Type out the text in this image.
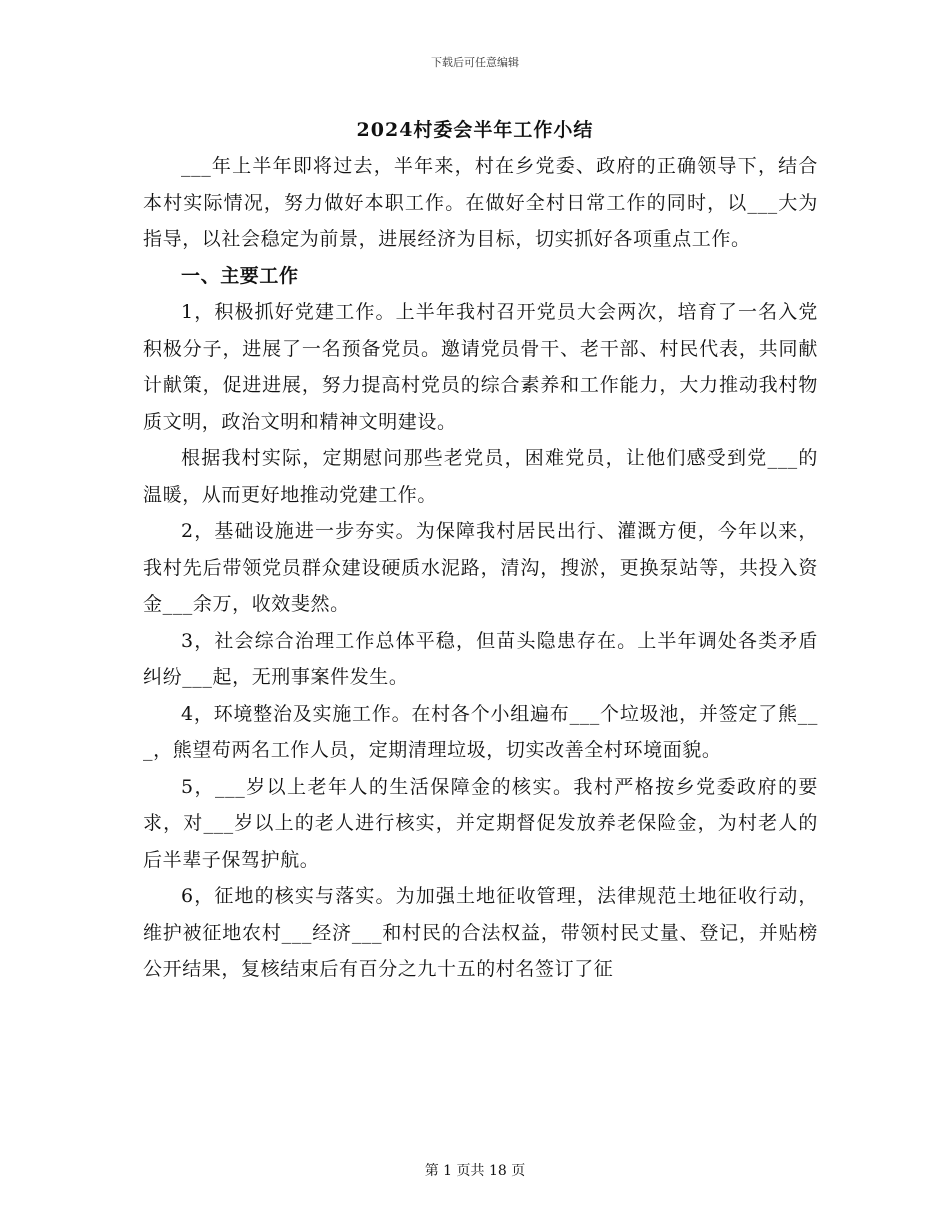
下载后可任意编辑
2024村委会半年工作小结

___年上半年即将过去，半年来，村在乡党委、政府的正确领导下，结合本村实际情况，努力做好本职工作。在做好全村日常工作的同时，以___大为指导，以社会稳定为前景，进展经济为目标，切实抓好各项重点工作。

一、主要工作

1，积极抓好党建工作。上半年我村召开党员大会两次，培育了一名入党积极分子，进展了一名预备党员。邀请党员骨干、老干部、村民代表，共同献计献策，促进进展，努力提高村党员的综合素养和工作能力，大力推动我村物质文明，政治文明和精神文明建设。

根据我村实际，定期慰问那些老党员，困难党员，让他们感受到党___的温暖，从而更好地推动党建工作。

2，基础设施进一步夯实。为保障我村居民出行、灌溉方便，今年以来，我村先后带领党员群众建设硬质水泥路，清沟，搜淤，更换泵站等，共投入资金___余万，收效斐然。

3，社会综合治理工作总体平稳，但苗头隐患存在。上半年调处各类矛盾纠纷___起，无刑事案件发生。

4，环境整治及实施工作。在村各个小组遍布___个垃圾池，并签定了熊___，熊望苟两名工作人员，定期清理垃圾，切实改善全村环境面貌。

5，___岁以上老年人的生活保障金的核实。我村严格按乡党委政府的要求，对___岁以上的老人进行核实，并定期督促发放养老保险金，为村老人的后半辈子保驾护航。

6，征地的核实与落实。为加强土地征收管理，法律规范土地征收行动，维护被征地农村___经济___和村民的合法权益，带领村民丈量、登记，并贴榜公开结果，复核结束后有百分之九十五的村名签订了征

第 1 页共 18 页
